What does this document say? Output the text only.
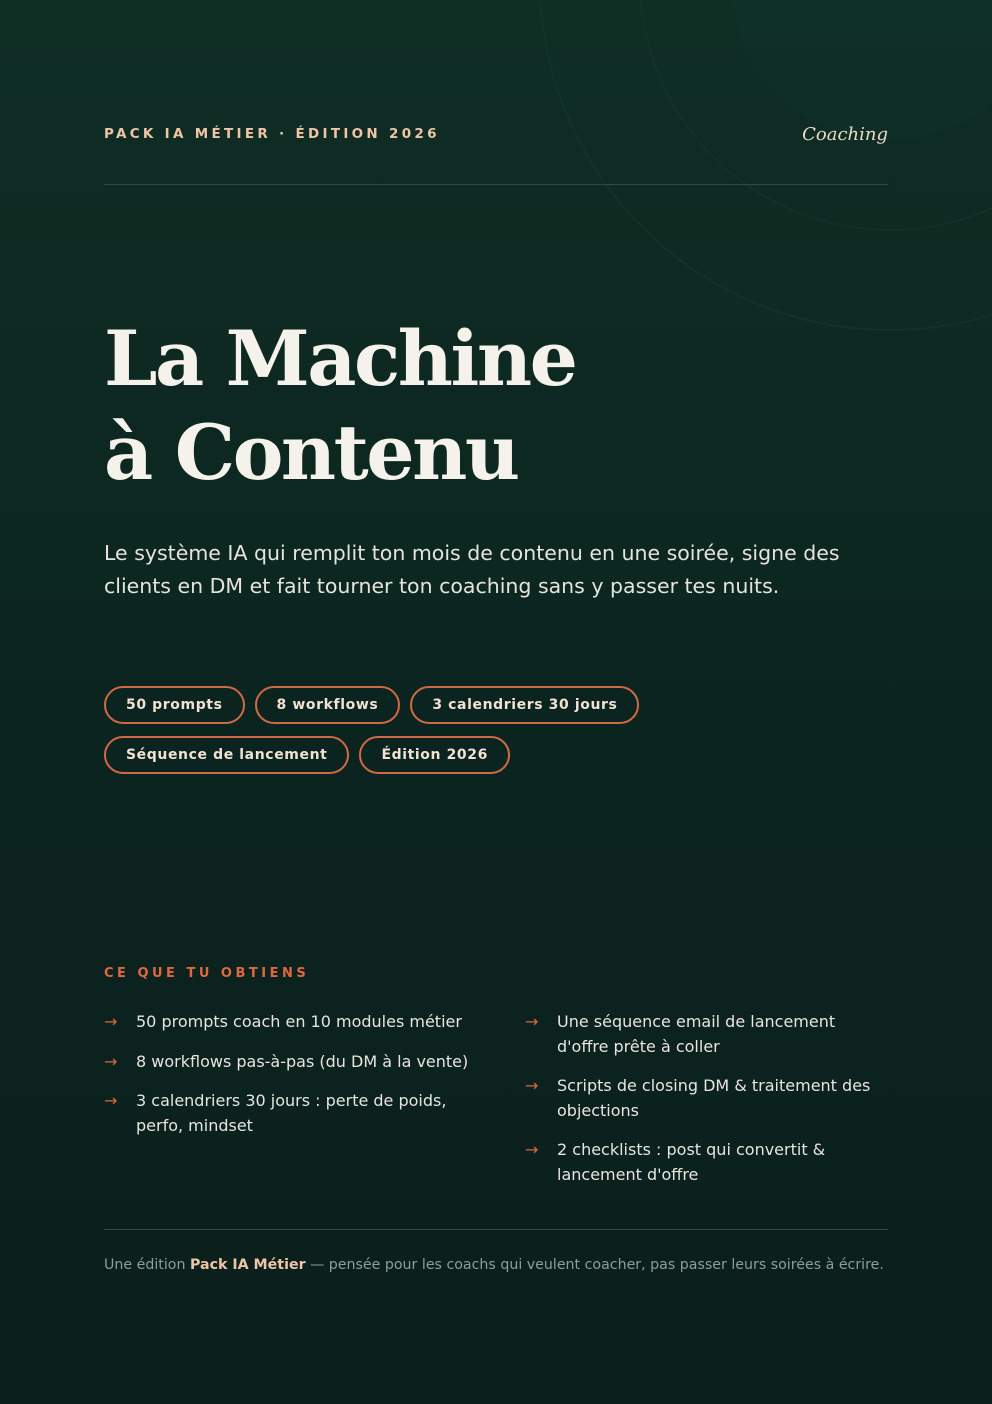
PACK IA MÉTIER · ÉDITION 2026	Coaching
La Machine
à Contenu

Le système IA qui remplit ton mois de contenu en une soirée, signe des clients en DM et fait tourner ton coaching sans y passer tes nuits.

50 prompts	8 workflows	3 calendriers 30 jours
Séquence de lancement	Édition 2026
CE QUE TU OBTIENS
→ 50 prompts coach en 10 modules métier
→ 8 workflows pas-à-pas (du DM à la vente)
→ 3 calendriers 30 jours : perte de poids, perfo, mindset
→ Une séquence email de lancement d'offre prête à coller
→ Scripts de closing DM & traitement des objections
→ 2 checklists : post qui convertit & lancement d'offre
Une édition Pack IA Métier — pensée pour les coachs qui veulent coacher, pas passer leurs soirées à écrire.
